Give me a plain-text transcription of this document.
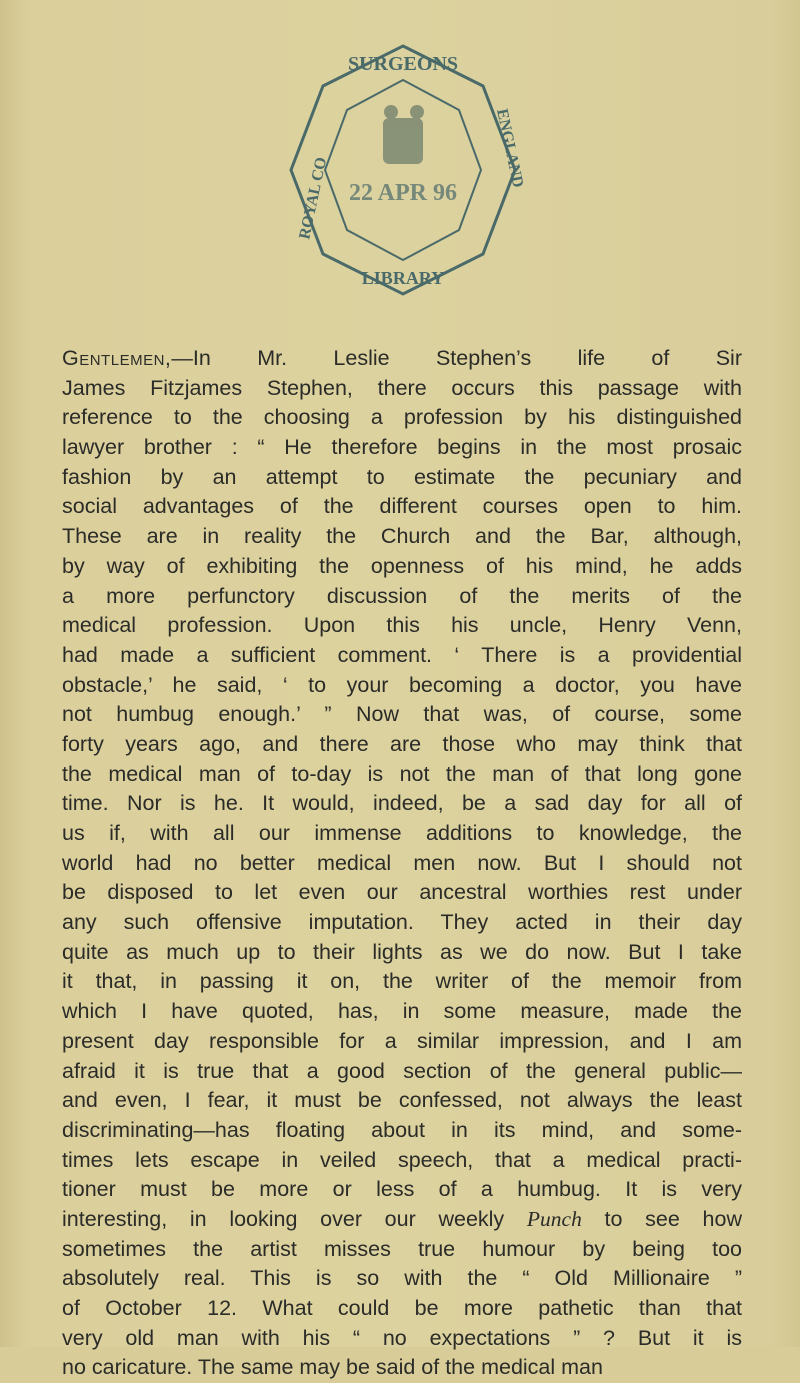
SURGEONS
ROYAL CO
ENGLAND
22 APR 96
LIBRARY
Gentlemen,—In Mr. Leslie Stephen’s life of Sir
James Fitzjames Stephen, there occurs this passage with
reference to the choosing a profession by his distinguished
lawyer brother : “ He therefore begins in the most prosaic
fashion by an attempt to estimate the pecuniary and
social advantages of the different courses open to him.
These are in reality the Church and the Bar, although,
by way of exhibiting the openness of his mind, he adds
a more perfunctory discussion of the merits of the
medical profession. Upon this his uncle, Henry Venn,
had made a sufficient comment. ‘ There is a providential
obstacle,’ he said, ‘ to your becoming a doctor, you have
not humbug enough.’ ” Now that was, of course, some
forty years ago, and there are those who may think that
the medical man of to-day is not the man of that long gone
time. Nor is he. It would, indeed, be a sad day for all of
us if, with all our immense additions to knowledge, the
world had no better medical men now. But I should not
be disposed to let even our ancestral worthies rest under
any such offensive imputation. They acted in their day
quite as much up to their lights as we do now. But I take
it that, in passing it on, the writer of the memoir from
which I have quoted, has, in some measure, made the
present day responsible for a similar impression, and I am
afraid it is true that a good section of the general public—
and even, I fear, it must be confessed, not always the least
discriminating—has floating about in its mind, and some-
times lets escape in veiled speech, that a medical practi-
tioner must be more or less of a humbug. It is very
interesting, in looking over our weekly Punch to see how
sometimes the artist misses true humour by being too
absolutely real. This is so with the “ Old Millionaire ”
of October 12. What could be more pathetic than that
very old man with his “ no expectations ” ? But it is
no caricature. The same may be said of the medical man
